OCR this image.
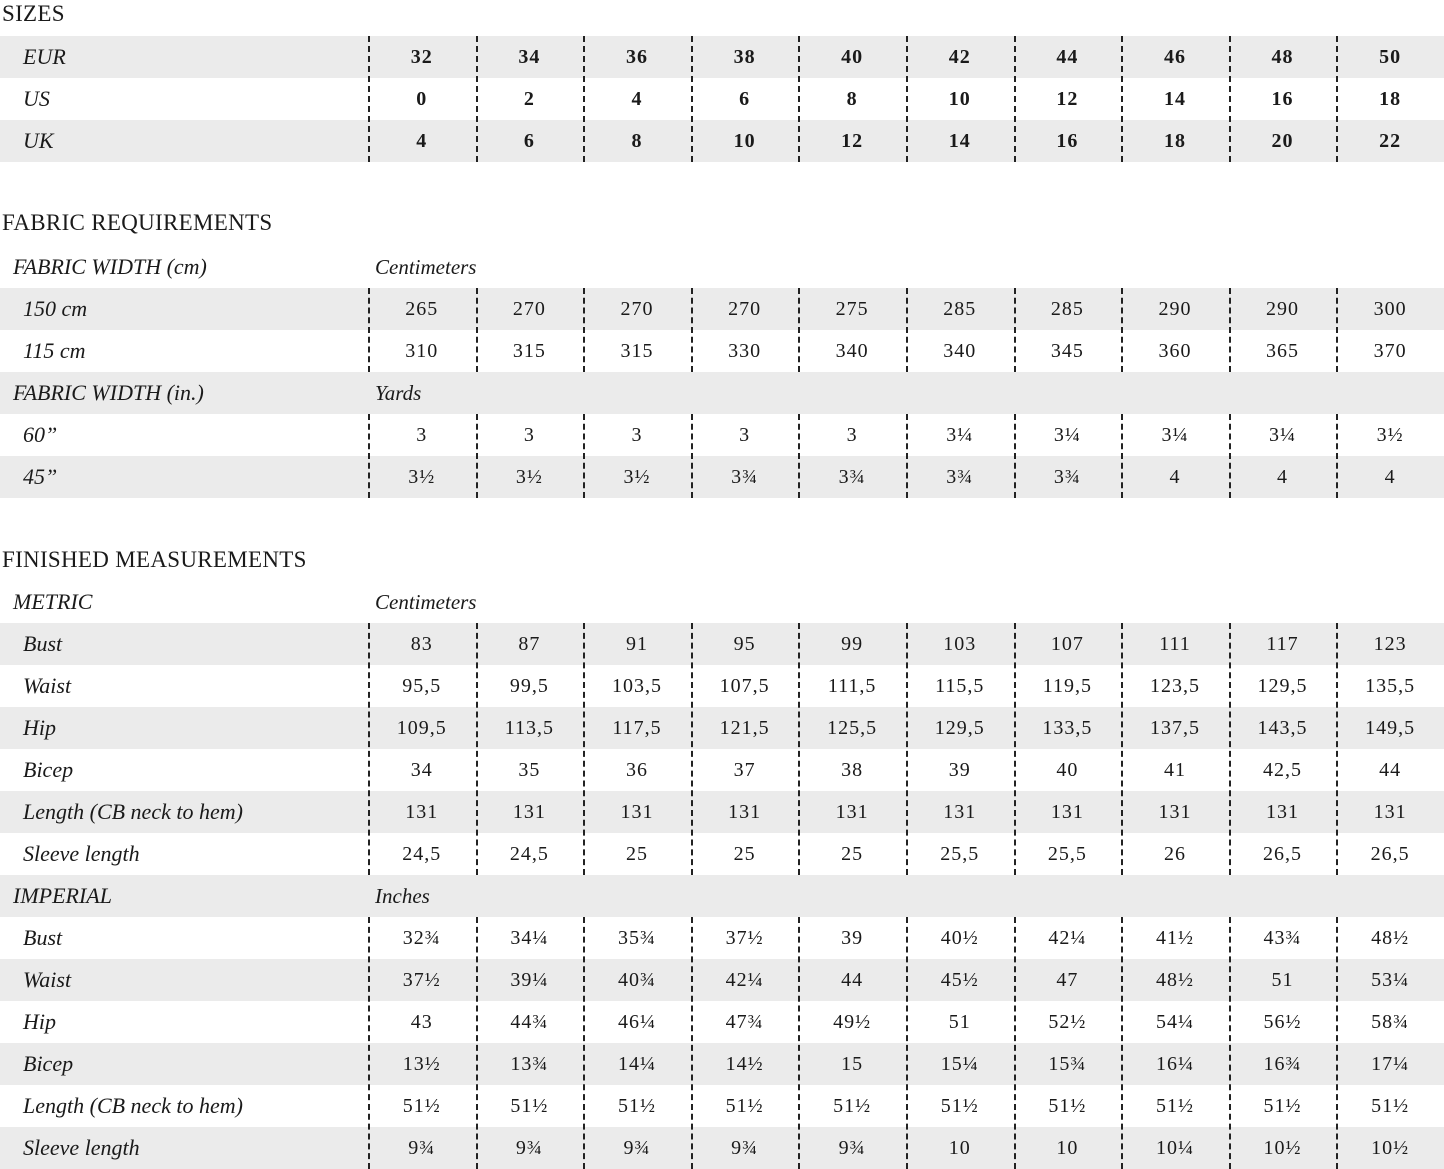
SIZES
EUR	32	34	36	38	40	42	44	46	48	50
US	0	2	4	6	8	10	12	14	16	18
UK	4	6	8	10	12	14	16	18	20	22
FABRIC REQUIREMENTS
FABRIC WIDTH (cm)	Centimeters
150 cm	265	270	270	270	275	285	285	290	290	300
115 cm	310	315	315	330	340	340	345	360	365	370
FABRIC WIDTH (in.)	Yards
60”	3	3	3	3	3	3¼	3¼	3¼	3¼	3½
45”	3½	3½	3½	3¾	3¾	3¾	3¾	4	4	4
FINISHED MEASUREMENTS
METRIC	Centimeters
Bust	83	87	91	95	99	103	107	111	117	123
Waist	95,5	99,5	103,5	107,5	111,5	115,5	119,5	123,5	129,5	135,5
Hip	109,5	113,5	117,5	121,5	125,5	129,5	133,5	137,5	143,5	149,5
Bicep	34	35	36	37	38	39	40	41	42,5	44
Length (CB neck to hem)	131	131	131	131	131	131	131	131	131	131
Sleeve length	24,5	24,5	25	25	25	25,5	25,5	26	26,5	26,5
IMPERIAL	Inches
Bust	32¾	34¼	35¾	37½	39	40½	42¼	41½	43¾	48½
Waist	37½	39¼	40¾	42¼	44	45½	47	48½	51	53¼
Hip	43	44¾	46¼	47¾	49½	51	52½	54¼	56½	58¾
Bicep	13½	13¾	14¼	14½	15	15¼	15¾	16¼	16¾	17¼
Length (CB neck to hem)	51½	51½	51½	51½	51½	51½	51½	51½	51½	51½
Sleeve length	9¾	9¾	9¾	9¾	9¾	10	10	10¼	10½	10½
